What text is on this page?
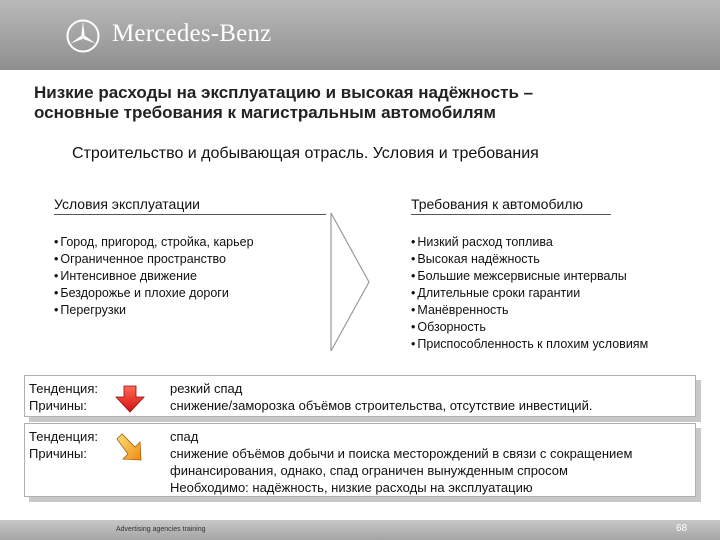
Mercedes-Benz
Низкие расходы на эксплуатацию и высокая надёжность –
основные требования к магистральным автомобилям
Строительство и добывающая отрасль. Условия и требования
Условия эксплуатации
• Город, пригород, стройка, карьер
• Ограниченное пространство
• Интенсивное движение
• Бездорожье и плохие дороги
• Перегрузки
Требования к автомобилю
• Низкий расход топлива
• Высокая надёжность
• Большие межсервисные интервалы
• Длительные сроки гарантии
• Манёвренность
• Обзорность
• Приспособленность к плохим условиям
Тенденция:
Причины:
резкий спад
снижение/заморозка объёмов строительства, отсутствие инвестиций.
Тенденция:
Причины:
спад
снижение объёмов добычи и поиска месторождений в связи с сокращением финансирования, однако, спад ограничен вынужденным спросом
Необходимо: надёжность, низкие расходы на эксплуатацию
Advertising agencies training	68
